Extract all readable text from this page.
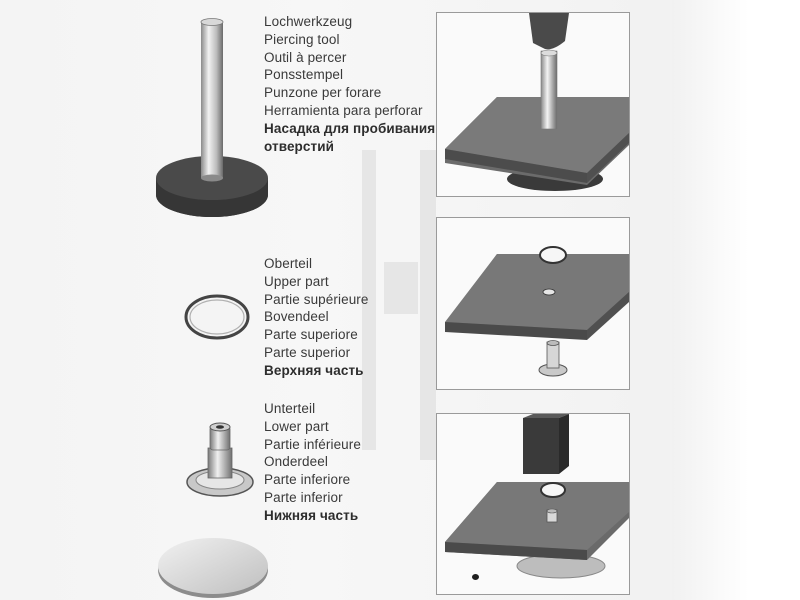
Lochwerkzeug
Piercing tool
Outil à percer
Ponsstempel
Punzone per forare
Herramienta para perforar
Насадка для пробивания
отверстий
Oberteil
Upper part
Partie supérieure
Bovendeel
Parte superiore
Parte superior
Верхняя часть
Unterteil
Lower part
Partie inférieure
Onderdeel
Parte inferiore
Parte inferior
Нижняя часть
